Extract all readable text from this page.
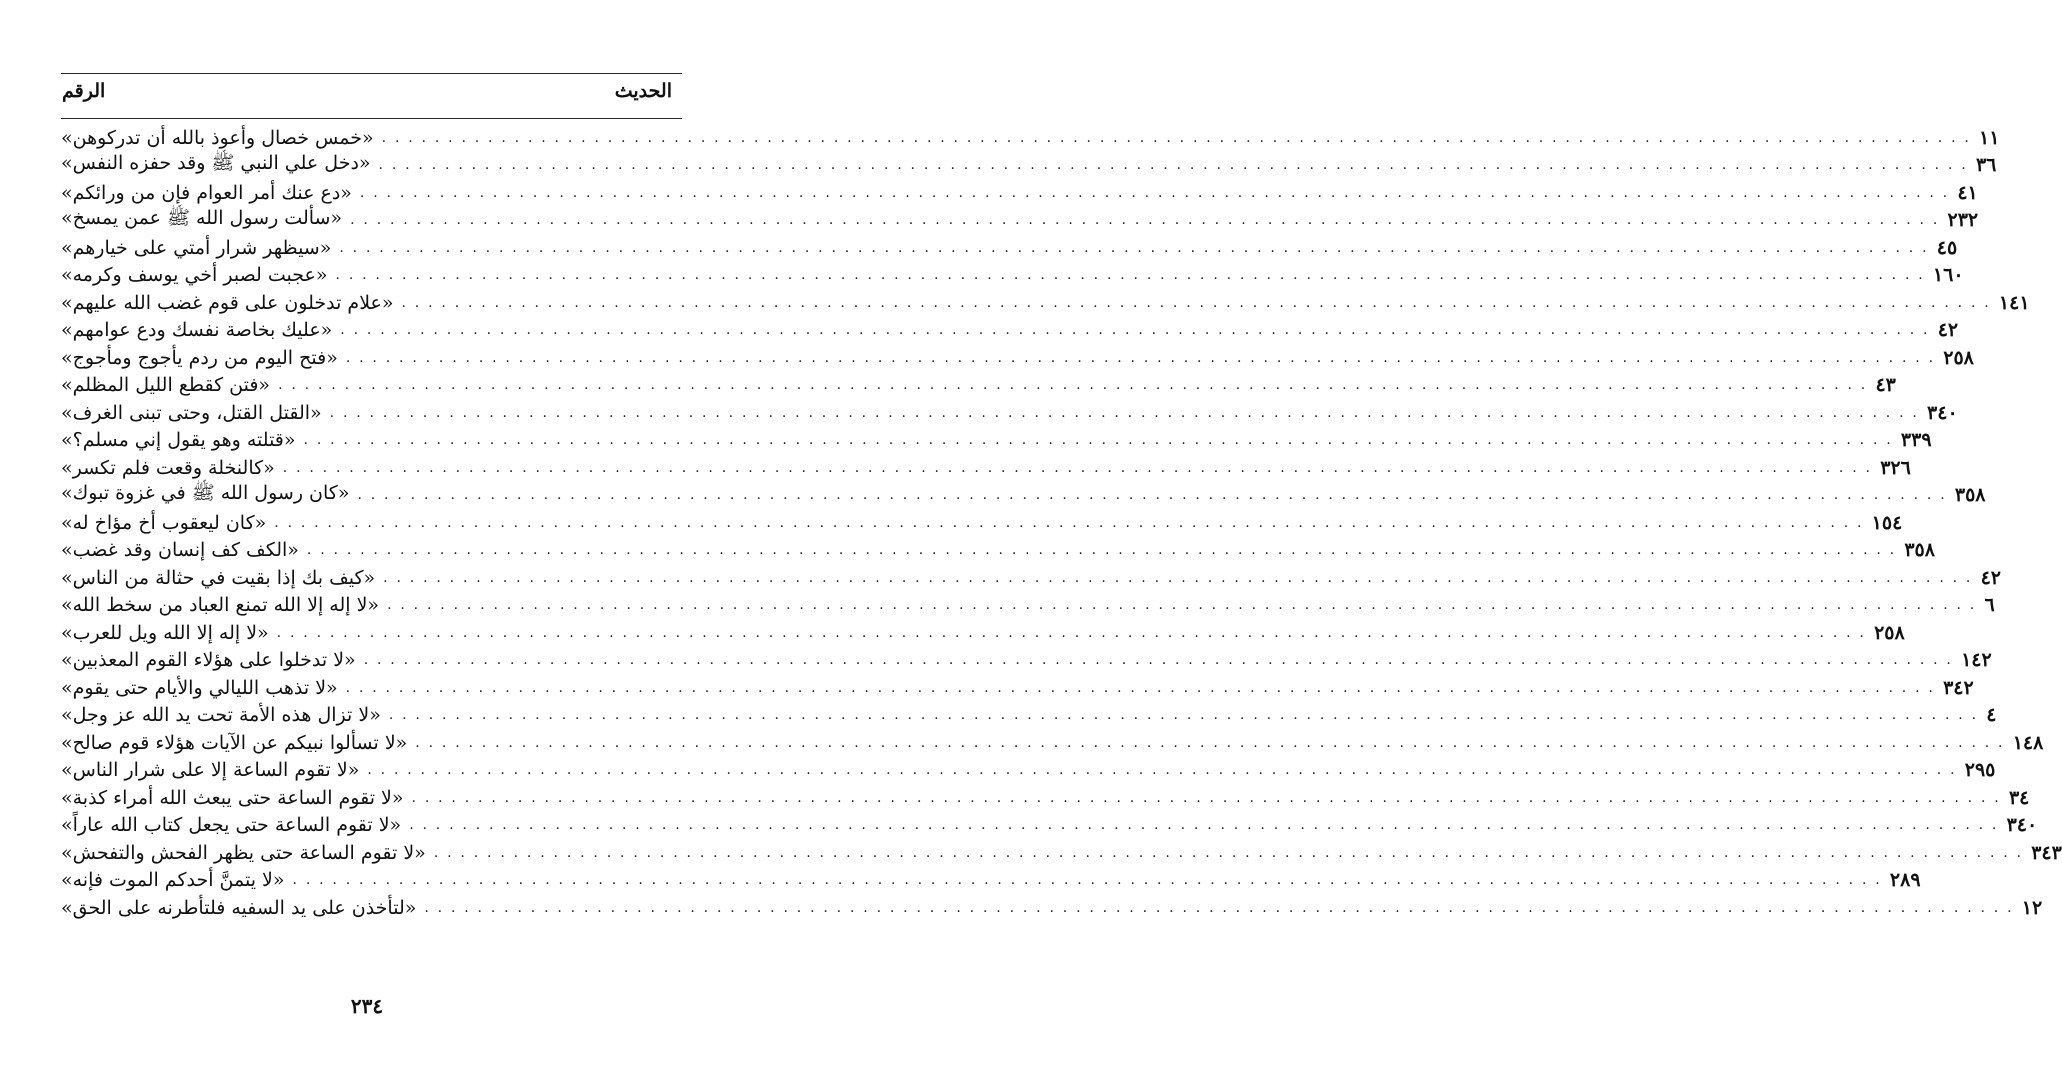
الحديث
الرقم
«خمس خصال وأعوذ بالله أن تدركوهن» . . . . . . . . . . . . . . . . . . . . . . . . . . . . . . . . . . . . . . . . . . . . . . . . . . . . . . . . . . . . . . . . . . . . . . . . . . . . . . . . . . . . . . . . . . . . . . . . . . . . . . . . . . . . . . . . . . . . . . . . ١١
«دخل علي النبي ﷺ وقد حفزه النفس» . . . . . . . . . . . . . . . . . . . . . . . . . . . . . . . . . . . . . . . . . . . . . . . . . . . . . . . . . . . . . . . . . . . . . . . . . . . . . . . . . . . . . . . . . . . . . . . . . . . . . . . . . . . . . . . . . . . . . . . . ٣٦
«دع عنك أمر العوام فإن من ورائكم» . . . . . . . . . . . . . . . . . . . . . . . . . . . . . . . . . . . . . . . . . . . . . . . . . . . . . . . . . . . . . . . . . . . . . . . . . . . . . . . . . . . . . . . . . . . . . . . . . . . . . . . . . . . . . . . . . . . . . . . . ٤١
«سألت رسول الله ﷺ عمن يمسخ» . . . . . . . . . . . . . . . . . . . . . . . . . . . . . . . . . . . . . . . . . . . . . . . . . . . . . . . . . . . . . . . . . . . . . . . . . . . . . . . . . . . . . . . . . . . . . . . . . . . . . . . . . . . . . . . . . . . . . . . . ٢٣٢
«سيظهر شرار أمتي على خيارهم» . . . . . . . . . . . . . . . . . . . . . . . . . . . . . . . . . . . . . . . . . . . . . . . . . . . . . . . . . . . . . . . . . . . . . . . . . . . . . . . . . . . . . . . . . . . . . . . . . . . . . . . . . . . . . . . . . . . . . . . . ٤٥
«عجبت لصبر أخي يوسف وكرمه» . . . . . . . . . . . . . . . . . . . . . . . . . . . . . . . . . . . . . . . . . . . . . . . . . . . . . . . . . . . . . . . . . . . . . . . . . . . . . . . . . . . . . . . . . . . . . . . . . . . . . . . . . . . . . . . . . . . . . . . . ١٦٠
«علام تدخلون على قوم غضب الله عليهم» . . . . . . . . . . . . . . . . . . . . . . . . . . . . . . . . . . . . . . . . . . . . . . . . . . . . . . . . . . . . . . . . . . . . . . . . . . . . . . . . . . . . . . . . . . . . . . . . . . . . . . . . . . . . . . . . . . . . . . . . ١٤١
«عليك بخاصة نفسك ودع عوامهم» . . . . . . . . . . . . . . . . . . . . . . . . . . . . . . . . . . . . . . . . . . . . . . . . . . . . . . . . . . . . . . . . . . . . . . . . . . . . . . . . . . . . . . . . . . . . . . . . . . . . . . . . . . . . . . . . . . . . . . . . ٤٢
«فتح اليوم من ردم يأجوج ومأجوج» . . . . . . . . . . . . . . . . . . . . . . . . . . . . . . . . . . . . . . . . . . . . . . . . . . . . . . . . . . . . . . . . . . . . . . . . . . . . . . . . . . . . . . . . . . . . . . . . . . . . . . . . . . . . . . . . . . . . . . . . ٢٥٨
«فتن كقطع الليل المظلم» . . . . . . . . . . . . . . . . . . . . . . . . . . . . . . . . . . . . . . . . . . . . . . . . . . . . . . . . . . . . . . . . . . . . . . . . . . . . . . . . . . . . . . . . . . . . . . . . . . . . . . . . . . . . . . . . . . . . . . . . ٤٣
«القتل القتل، وحتى تبنى الغرف» . . . . . . . . . . . . . . . . . . . . . . . . . . . . . . . . . . . . . . . . . . . . . . . . . . . . . . . . . . . . . . . . . . . . . . . . . . . . . . . . . . . . . . . . . . . . . . . . . . . . . . . . . . . . . . . . . . . . . . . . ٣٤٠
«قتلته وهو يقول إني مسلم؟» . . . . . . . . . . . . . . . . . . . . . . . . . . . . . . . . . . . . . . . . . . . . . . . . . . . . . . . . . . . . . . . . . . . . . . . . . . . . . . . . . . . . . . . . . . . . . . . . . . . . . . . . . . . . . . . . . . . . . . . . ٣٣٩
«كالنخلة وقعت فلم تكسر» . . . . . . . . . . . . . . . . . . . . . . . . . . . . . . . . . . . . . . . . . . . . . . . . . . . . . . . . . . . . . . . . . . . . . . . . . . . . . . . . . . . . . . . . . . . . . . . . . . . . . . . . . . . . . . . . . . . . . . . . ٣٢٦
«كان رسول الله ﷺ في غزوة تبوك» . . . . . . . . . . . . . . . . . . . . . . . . . . . . . . . . . . . . . . . . . . . . . . . . . . . . . . . . . . . . . . . . . . . . . . . . . . . . . . . . . . . . . . . . . . . . . . . . . . . . . . . . . . . . . . . . . . . . . . . . ٣٥٨
«كان ليعقوب أخ مؤاخ له» . . . . . . . . . . . . . . . . . . . . . . . . . . . . . . . . . . . . . . . . . . . . . . . . . . . . . . . . . . . . . . . . . . . . . . . . . . . . . . . . . . . . . . . . . . . . . . . . . . . . . . . . . . . . . . . . . . . . . . . . ١٥٤
«الكف كف إنسان وقد غضب» . . . . . . . . . . . . . . . . . . . . . . . . . . . . . . . . . . . . . . . . . . . . . . . . . . . . . . . . . . . . . . . . . . . . . . . . . . . . . . . . . . . . . . . . . . . . . . . . . . . . . . . . . . . . . . . . . . . . . . . . ٣٥٨
«كيف بك إذا بقيت في حثالة من الناس» . . . . . . . . . . . . . . . . . . . . . . . . . . . . . . . . . . . . . . . . . . . . . . . . . . . . . . . . . . . . . . . . . . . . . . . . . . . . . . . . . . . . . . . . . . . . . . . . . . . . . . . . . . . . . . . . . . . . . . . . ٤٢
«لا إله إلا الله تمنع العباد من سخط الله» . . . . . . . . . . . . . . . . . . . . . . . . . . . . . . . . . . . . . . . . . . . . . . . . . . . . . . . . . . . . . . . . . . . . . . . . . . . . . . . . . . . . . . . . . . . . . . . . . . . . . . . . . . . . . . . . . . . . . . . . ٦
«لا إله إلا الله ويل للعرب» . . . . . . . . . . . . . . . . . . . . . . . . . . . . . . . . . . . . . . . . . . . . . . . . . . . . . . . . . . . . . . . . . . . . . . . . . . . . . . . . . . . . . . . . . . . . . . . . . . . . . . . . . . . . . . . . . . . . . . . . ٢٥٨
«لا تدخلوا على هؤلاء القوم المعذبين» . . . . . . . . . . . . . . . . . . . . . . . . . . . . . . . . . . . . . . . . . . . . . . . . . . . . . . . . . . . . . . . . . . . . . . . . . . . . . . . . . . . . . . . . . . . . . . . . . . . . . . . . . . . . . . . . . . . . . . . . ١٤٢
«لا تذهب الليالي والأيام حتى يقوم» . . . . . . . . . . . . . . . . . . . . . . . . . . . . . . . . . . . . . . . . . . . . . . . . . . . . . . . . . . . . . . . . . . . . . . . . . . . . . . . . . . . . . . . . . . . . . . . . . . . . . . . . . . . . . . . . . . . . . . . . ٣٤٢
«لا تزال هذه الأمة تحت يد الله عز وجل» . . . . . . . . . . . . . . . . . . . . . . . . . . . . . . . . . . . . . . . . . . . . . . . . . . . . . . . . . . . . . . . . . . . . . . . . . . . . . . . . . . . . . . . . . . . . . . . . . . . . . . . . . . . . . . . . . . . . . . . . ٤
«لا تسألوا نبيكم عن الآيات هؤلاء قوم صالح» . . . . . . . . . . . . . . . . . . . . . . . . . . . . . . . . . . . . . . . . . . . . . . . . . . . . . . . . . . . . . . . . . . . . . . . . . . . . . . . . . . . . . . . . . . . . . . . . . . . . . . . . . . . . . . . . . . . . . . . . ١٤٨
«لا تقوم الساعة إلا على شرار الناس» . . . . . . . . . . . . . . . . . . . . . . . . . . . . . . . . . . . . . . . . . . . . . . . . . . . . . . . . . . . . . . . . . . . . . . . . . . . . . . . . . . . . . . . . . . . . . . . . . . . . . . . . . . . . . . . . . . . . . . . . ٢٩٥
«لا تقوم الساعة حتى يبعث الله أمراء كذبة» . . . . . . . . . . . . . . . . . . . . . . . . . . . . . . . . . . . . . . . . . . . . . . . . . . . . . . . . . . . . . . . . . . . . . . . . . . . . . . . . . . . . . . . . . . . . . . . . . . . . . . . . . . . . . . . . . . . . . . . . ٣٤
«لا تقوم الساعة حتى يجعل كتاب الله عاراً» . . . . . . . . . . . . . . . . . . . . . . . . . . . . . . . . . . . . . . . . . . . . . . . . . . . . . . . . . . . . . . . . . . . . . . . . . . . . . . . . . . . . . . . . . . . . . . . . . . . . . . . . . . . . . . . . . . . . . . . . ٣٤٠
«لا تقوم الساعة حتى يظهر الفحش والتفحش» . . . . . . . . . . . . . . . . . . . . . . . . . . . . . . . . . . . . . . . . . . . . . . . . . . . . . . . . . . . . . . . . . . . . . . . . . . . . . . . . . . . . . . . . . . . . . . . . . . . . . . . . . . . . . . . . . . . . . . . . ٣٤٣
«لا يتمنَّ أحدكم الموت فإنه» . . . . . . . . . . . . . . . . . . . . . . . . . . . . . . . . . . . . . . . . . . . . . . . . . . . . . . . . . . . . . . . . . . . . . . . . . . . . . . . . . . . . . . . . . . . . . . . . . . . . . . . . . . . . . . . . . . . . . . . . ٢٨٩
«لتأخذن على يد السفيه فلتأطرنه على الحق» . . . . . . . . . . . . . . . . . . . . . . . . . . . . . . . . . . . . . . . . . . . . . . . . . . . . . . . . . . . . . . . . . . . . . . . . . . . . . . . . . . . . . . . . . . . . . . . . . . . . . . . . . . . . . . . . . . . . . . . . ١٢
٢٣٤
